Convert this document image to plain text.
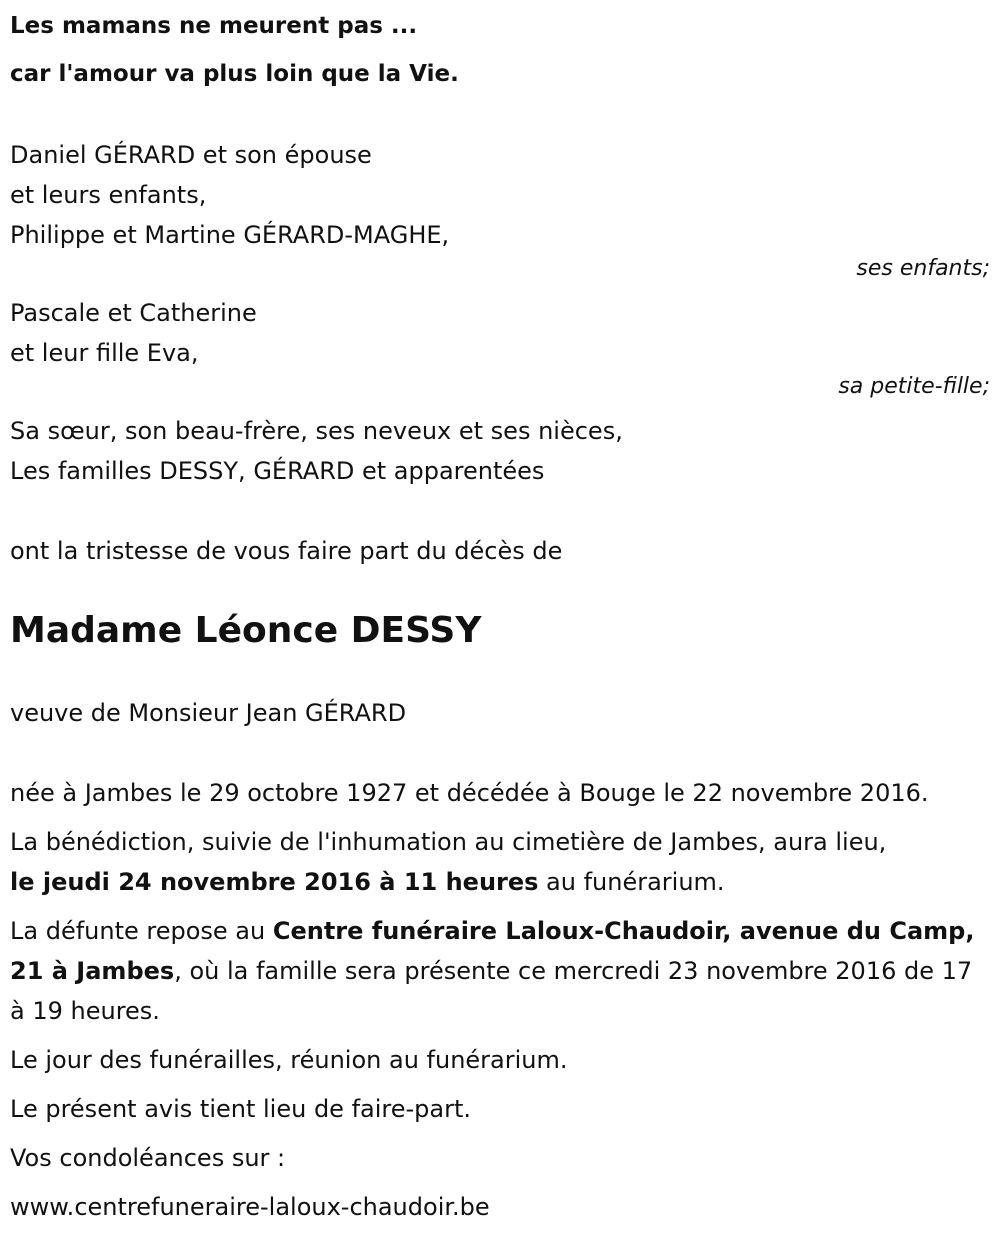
Les mamans ne meurent pas ...
car l'amour va plus loin que la Vie.

Daniel GÉRARD et son épouse
et leurs enfants,
Philippe et Martine GÉRARD-MAGHE,
ses enfants;
Pascale et Catherine
et leur fille Eva,
sa petite-fille;
Sa sœur, son beau-frère, ses neveux et ses nièces,
Les familles DESSY, GÉRARD et apparentées

ont la tristesse de vous faire part du décès de

Madame Léonce DESSY

veuve de Monsieur Jean GÉRARD

née à Jambes le 29 octobre 1927 et décédée à Bouge le 22 novembre 2016.

La bénédiction, suivie de l'inhumation au cimetière de Jambes, aura lieu,
le jeudi 24 novembre 2016 à 11 heures au funérarium.

La défunte repose au Centre funéraire Laloux-Chaudoir, avenue du Camp, 21 à Jambes, où la famille sera présente ce mercredi 23 novembre 2016 de 17 à 19 heures.

Le jour des funérailles, réunion au funérarium.

Le présent avis tient lieu de faire-part.

Vos condoléances sur :

www.centrefuneraire-laloux-chaudoir.be
